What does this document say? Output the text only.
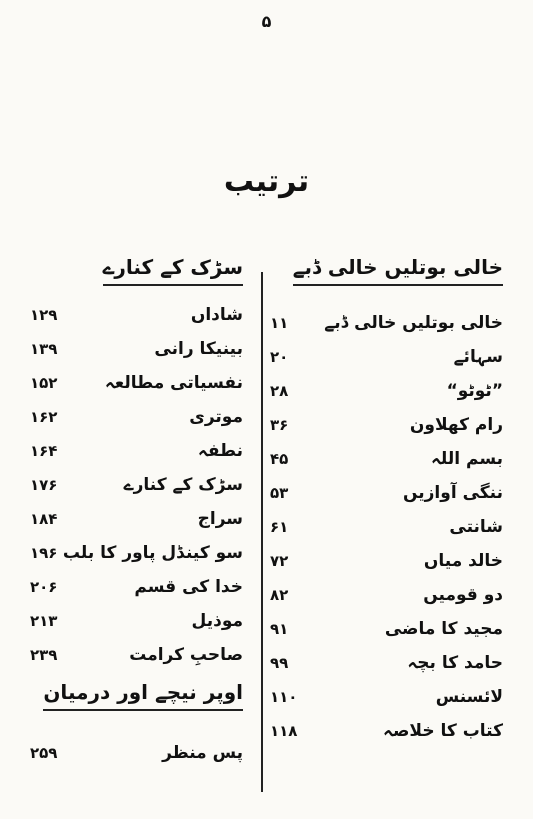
۵
ترتیب
خالی بوتلیں خالی ڈبے
سڑک کے کنارے
خالی بوتلیں خالی ڈبے
۱۱
سہائے
۲۰
”ٹوٹو“
۲۸
رام کھلاون
۳۶
بسم اللہ
۴۵
ننگی آوازیں
۵۳
شانتی
۶۱
خالد میاں
۷۲
دو قومیں
۸۲
مجید کا ماضی
۹۱
حامد کا بچہ
۹۹
لائسنس
۱۱۰
کتاب کا خلاصہ
۱۱۸
شاداں
۱۲۹
بینیکا رانی
۱۳۹
نفسیاتی مطالعہ
۱۵۲
موتری
۱۶۲
نطفہ
۱۶۴
سڑک کے کنارے
۱۷۶
سراج
۱۸۴
سو کینڈل پاور کا بلب
۱۹۶
خدا کی قسم
۲۰۶
موذیل
۲۱۳
صاحبِ کرامت
۲۳۹
اوپر نیچے اور درمیان
پس منظر
۲۵۹
